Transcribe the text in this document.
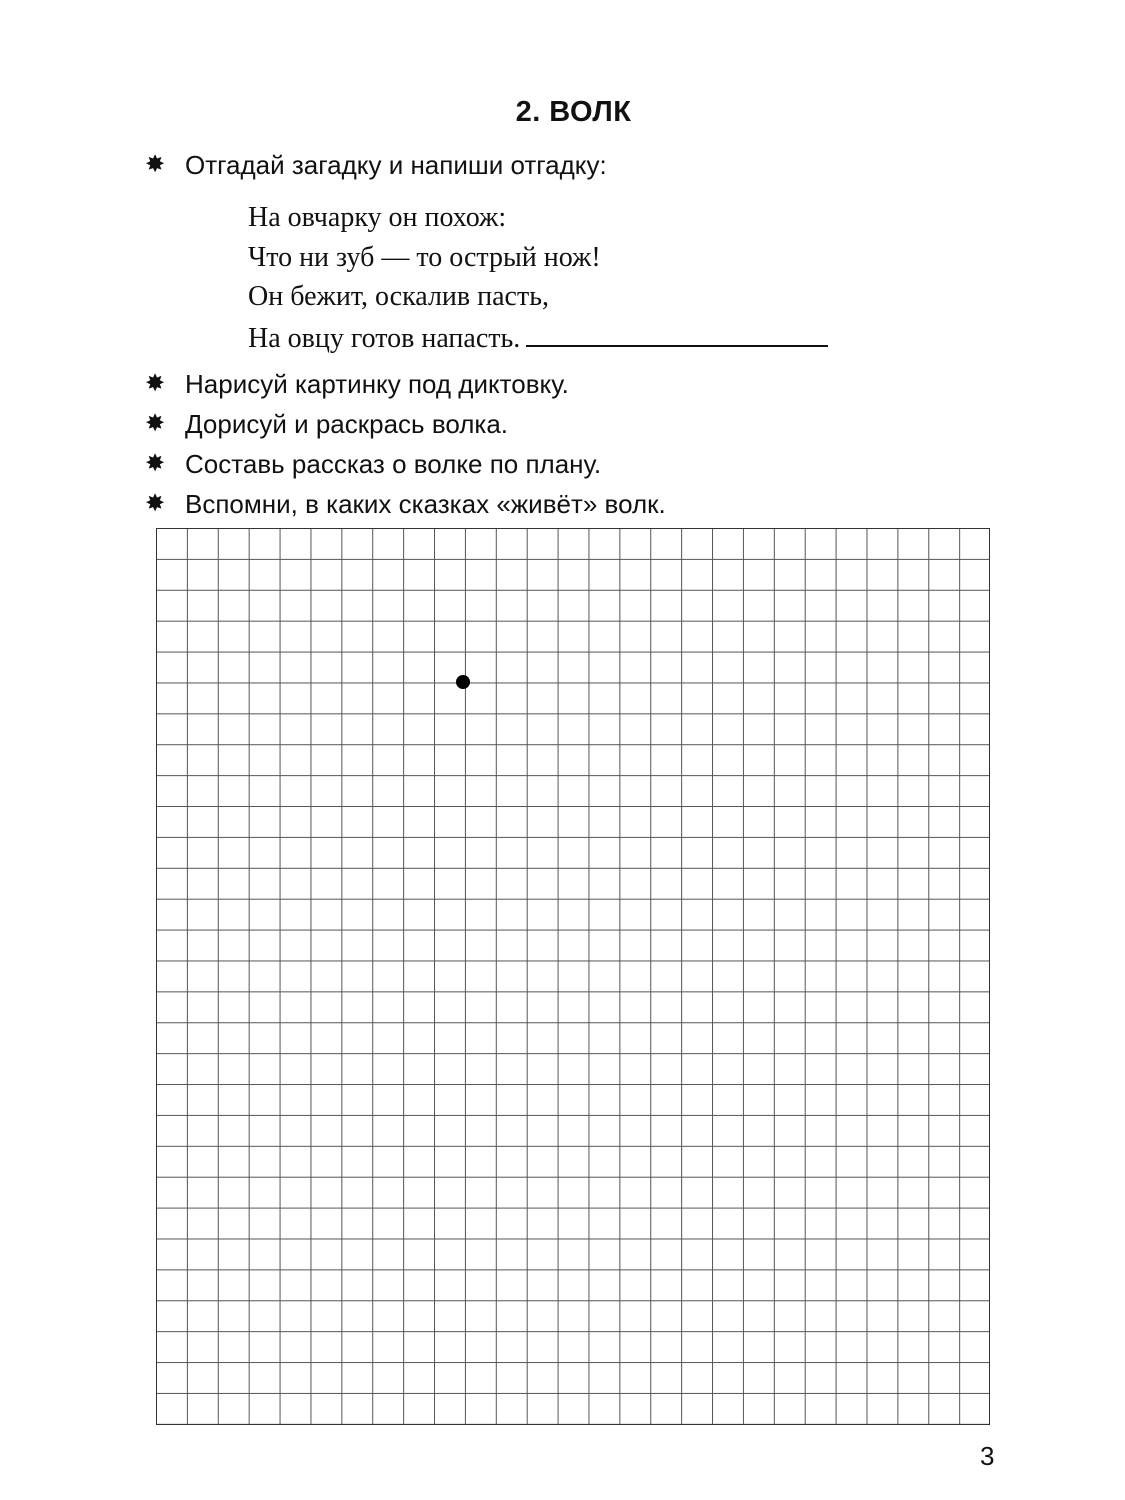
2. ВОЛК
✸ Отгадай загадку и напиши отгадку:
На овчарку он похож:
Что ни зуб — то острый нож!
Он бежит, оскалив пасть,
На овцу готов напасть.
✸ Нарисуй картинку под диктовку.
✸ Дорисуй и раскрась волка.
✸ Составь рассказ о волке по плану.
✸ Вспомни, в каких сказках «живёт» волк.
3
